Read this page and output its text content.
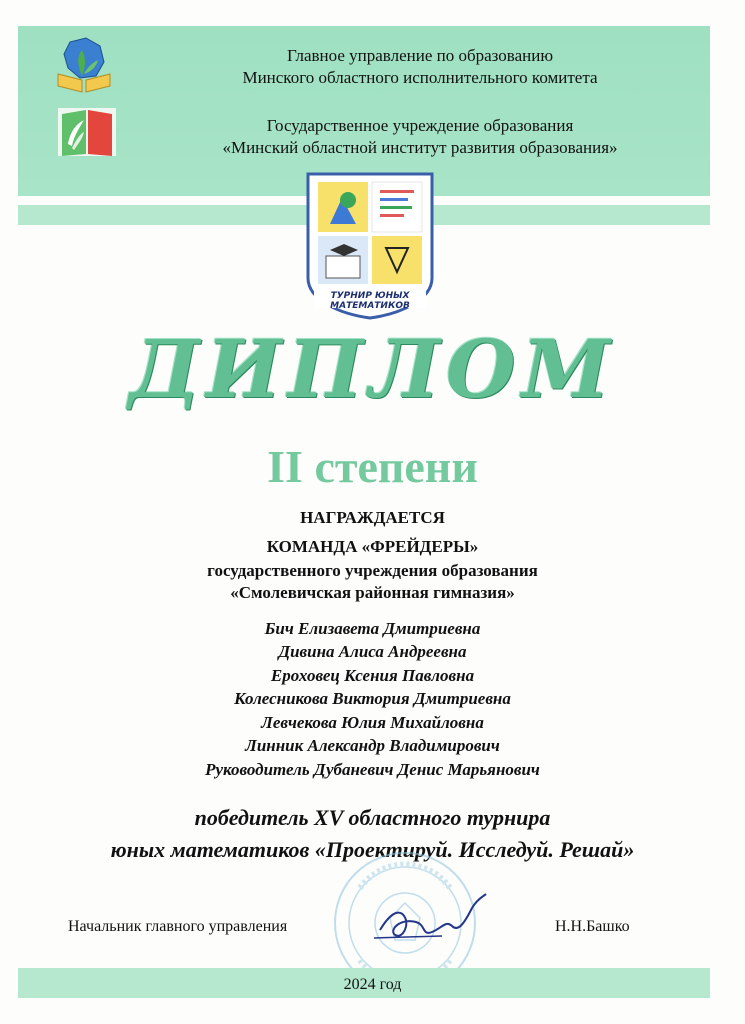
Главное управление по образованию
Минского областного исполнительного комитета
Государственное учреждение образования
«Минский областной институт развития образования»
ТУРНИР ЮНЫХ
МАТЕМАТИКОВ
ДИПЛОМ
II степени
НАГРАЖДАЕТСЯ
КОМАНДА «ФРЕЙДЕРЫ»
государственного учреждения образования
«Смолевичская районная гимназия»
Бич Елизавета Дмитриевна
Дивина Алиса Андреевна
Ероховец Ксения Павловна
Колесникова Виктория Дмитриевна
Левчекова Юлия Михайловна
Линник Александр Владимирович
Руководитель Дубаневич Денис Марьянович
победитель XV областного турнира
юных математиков «Проектируй. Исследуй. Решай»
Начальник главного управления	Н.Н.Башко
2024 год
